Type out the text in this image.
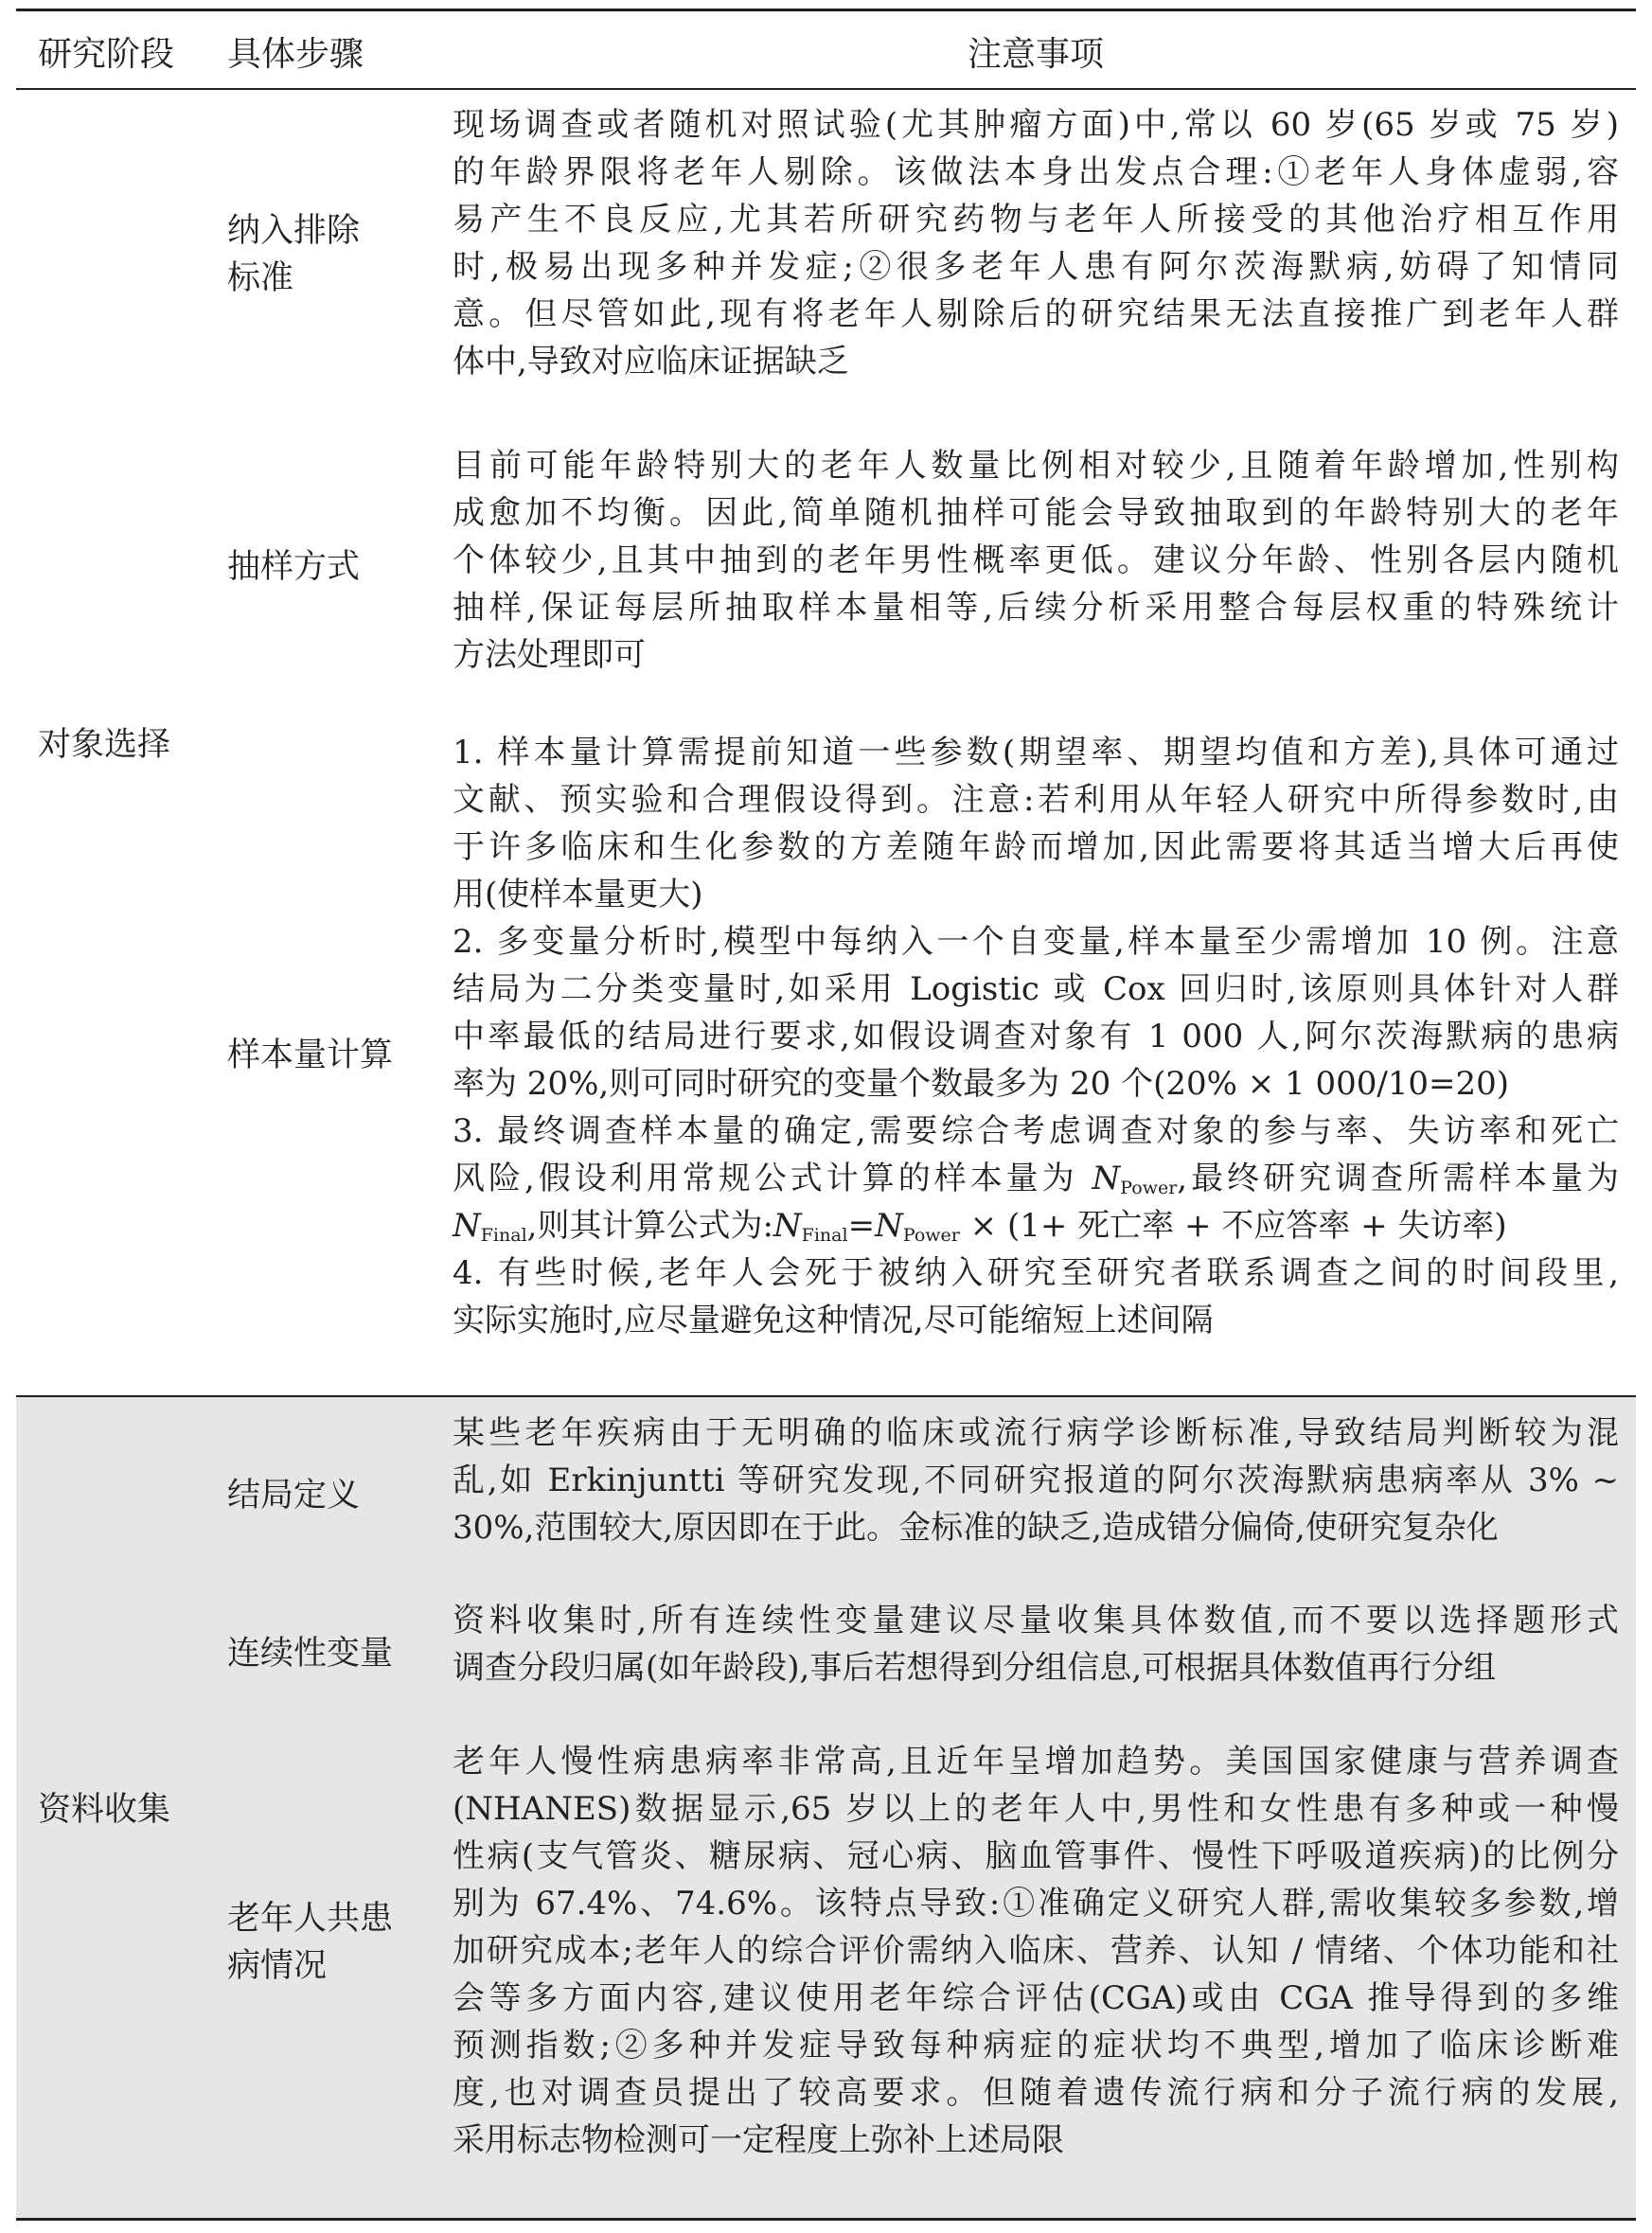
研究阶段 具体步骤	注意事项
对象选择
资料收集
纳入排除
标准
现场调查或者随机对照试验(尤其肿瘤方面)中,常以 60 岁(65 岁或 75 岁)
的年龄界限将老年人剔除。该做法本身出发点合理:①老年人身体虚弱,容
易产生不良反应,尤其若所研究药物与老年人所接受的其他治疗相互作用
时,极易出现多种并发症;②很多老年人患有阿尔茨海默病,妨碍了知情同
意。但尽管如此,现有将老年人剔除后的研究结果无法直接推广到老年人群
体中,导致对应临床证据缺乏
抽样方式
目前可能年龄特别大的老年人数量比例相对较少,且随着年龄增加,性别构
成愈加不均衡。因此,简单随机抽样可能会导致抽取到的年龄特别大的老年
个体较少,且其中抽到的老年男性概率更低。建议分年龄、性别各层内随机
抽样,保证每层所抽取样本量相等,后续分析采用整合每层权重的特殊统计
方法处理即可
样本量计算
1. 样本量计算需提前知道一些参数(期望率、期望均值和方差),具体可通过
文献、预实验和合理假设得到。注意:若利用从年轻人研究中所得参数时,由
于许多临床和生化参数的方差随年龄而增加,因此需要将其适当增大后再使
用(使样本量更大)
2. 多变量分析时,模型中每纳入一个自变量,样本量至少需增加 10 例。注意
结局为二分类变量时,如采用 Logistic 或 Cox 回归时,该原则具体针对人群
中率最低的结局进行要求,如假设调查对象有 1 000 人,阿尔茨海默病的患病
率为 20%,则可同时研究的变量个数最多为 20 个(20% × 1 000/10=20)
3. 最终调查样本量的确定,需要综合考虑调查对象的参与率、失访率和死亡
风险,假设利用常规公式计算的样本量为 $N_{Power}$,最终研究调查所需样本量为
$N_{Final}$,则其计算公式为$:N_{Final}=N_{Power} \times (1+$ 死亡率 + 不应答率 + 失访率)
4. 有些时候,老年人会死于被纳入研究至研究者联系调查之间的时间段里,
实际实施时,应尽量避免这种情况,尽可能缩短上述间隔
结局定义
某些老年疾病由于无明确的临床或流行病学诊断标准,导致结局判断较为混
乱,如 Erkinjuntti 等研究发现,不同研究报道的阿尔茨海默病患病率从 3% ~
30%,范围较大,原因即在于此。金标准的缺乏,造成错分偏倚,使研究复杂化
连续性变量
资料收集时,所有连续性变量建议尽量收集具体数值,而不要以选择题形式
调查分段归属(如年龄段),事后若想得到分组信息,可根据具体数值再行分组
老年人共患
病情况
老年人慢性病患病率非常高,且近年呈增加趋势。美国国家健康与营养调查
(NHANES)数据显示,65 岁以上的老年人中,男性和女性患有多种或一种慢
性病(支气管炎、糖尿病、冠心病、脑血管事件、慢性下呼吸道疾病)的比例分
别为 67.4%、74.6%。该特点导致:①准确定义研究人群,需收集较多参数,增
加研究成本;老年人的综合评价需纳入临床、营养、认知 / 情绪、个体功能和社
会等多方面内容,建议使用老年综合评估(CGA)或由 CGA 推导得到的多维
预测指数;②多种并发症导致每种病症的症状均不典型,增加了临床诊断难
度,也对调查员提出了较高要求。但随着遗传流行病和分子流行病的发展,
采用标志物检测可一定程度上弥补上述局限
